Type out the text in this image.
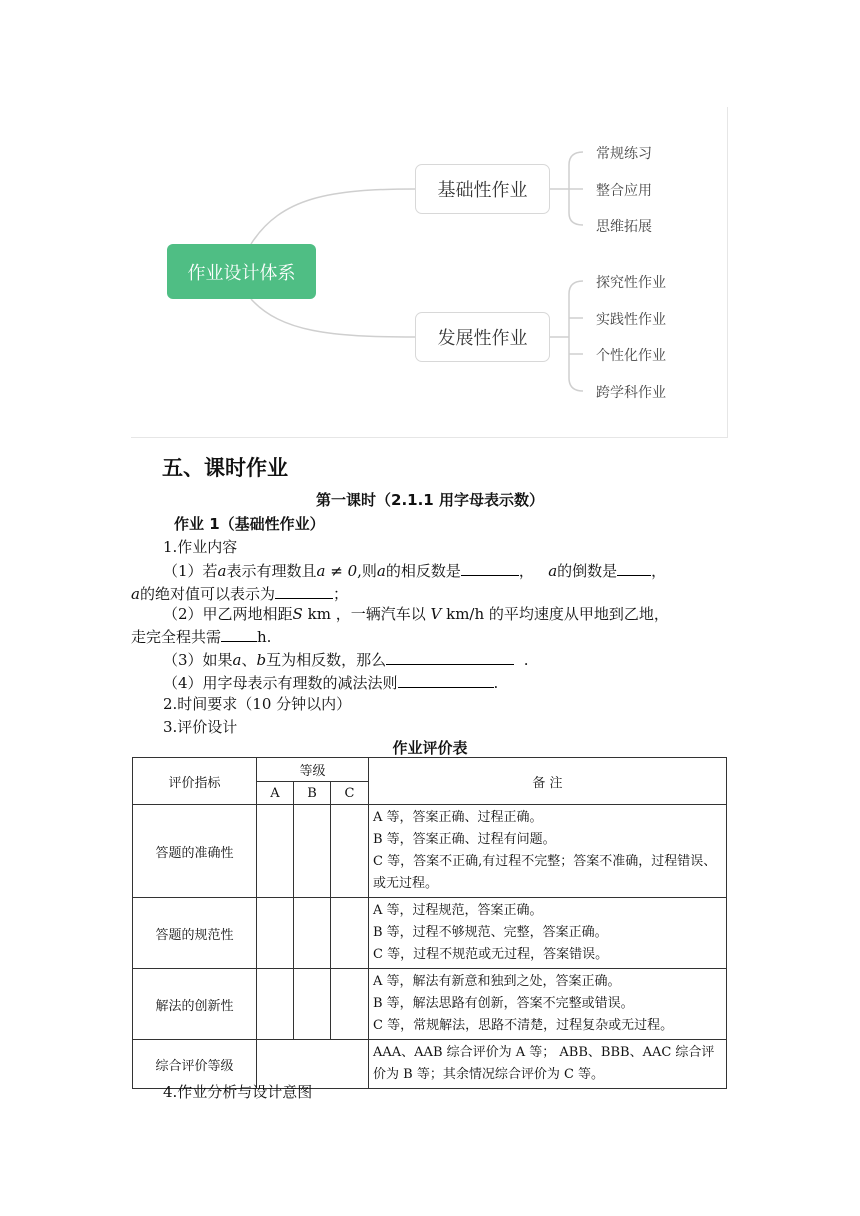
作业设计体系
基础性作业
发展性作业
常规练习
整合应用
思维拓展
探究性作业
实践性作业
个性化作业
跨学科作业
五、课时作业
第一课时（2.1.1 用字母表示数）
作业 1（基础性作业）
1.作业内容
（1）若a表示有理数且a ≠ 0,则a的相反数是	， a的倒数是 ，
a的绝对值可以表示为	；
（2）甲乙两地相距S km ，一辆汽车以 V km/h 的平均速度从甲地到乙地，
走完全程共需 h.
（3）如果a、b互为相反数，那么	.
（4）用字母表示有理数的减法法则	.
2.时间要求（10 分钟以内）
3.评价设计
作业评价表
评价指标	等级			备 注
	A	B	C	
答题的准确性				A 等，答案正确、过程正确。
B 等，答案正确、过程有问题。
C 等，答案不正确,有过程不完整；答案不准确，过程错误、或无过程。

答题的规范性				A 等，过程规范，答案正确。
B 等，过程不够规范、完整，答案正确。
C 等，过程不规范或无过程，答案错误。

解法的创新性				A 等，解法有新意和独到之处，答案正确。
B 等，解法思路有创新，答案不完整或错误。
C 等，常规解法，思路不清楚，过程复杂或无过程。

综合评价等级				AAA、AAB 综合评价为 A 等； ABB、BBB、AAC 综合评价为 B 等；其余情况综合评价为 C 等。
4.作业分析与设计意图
